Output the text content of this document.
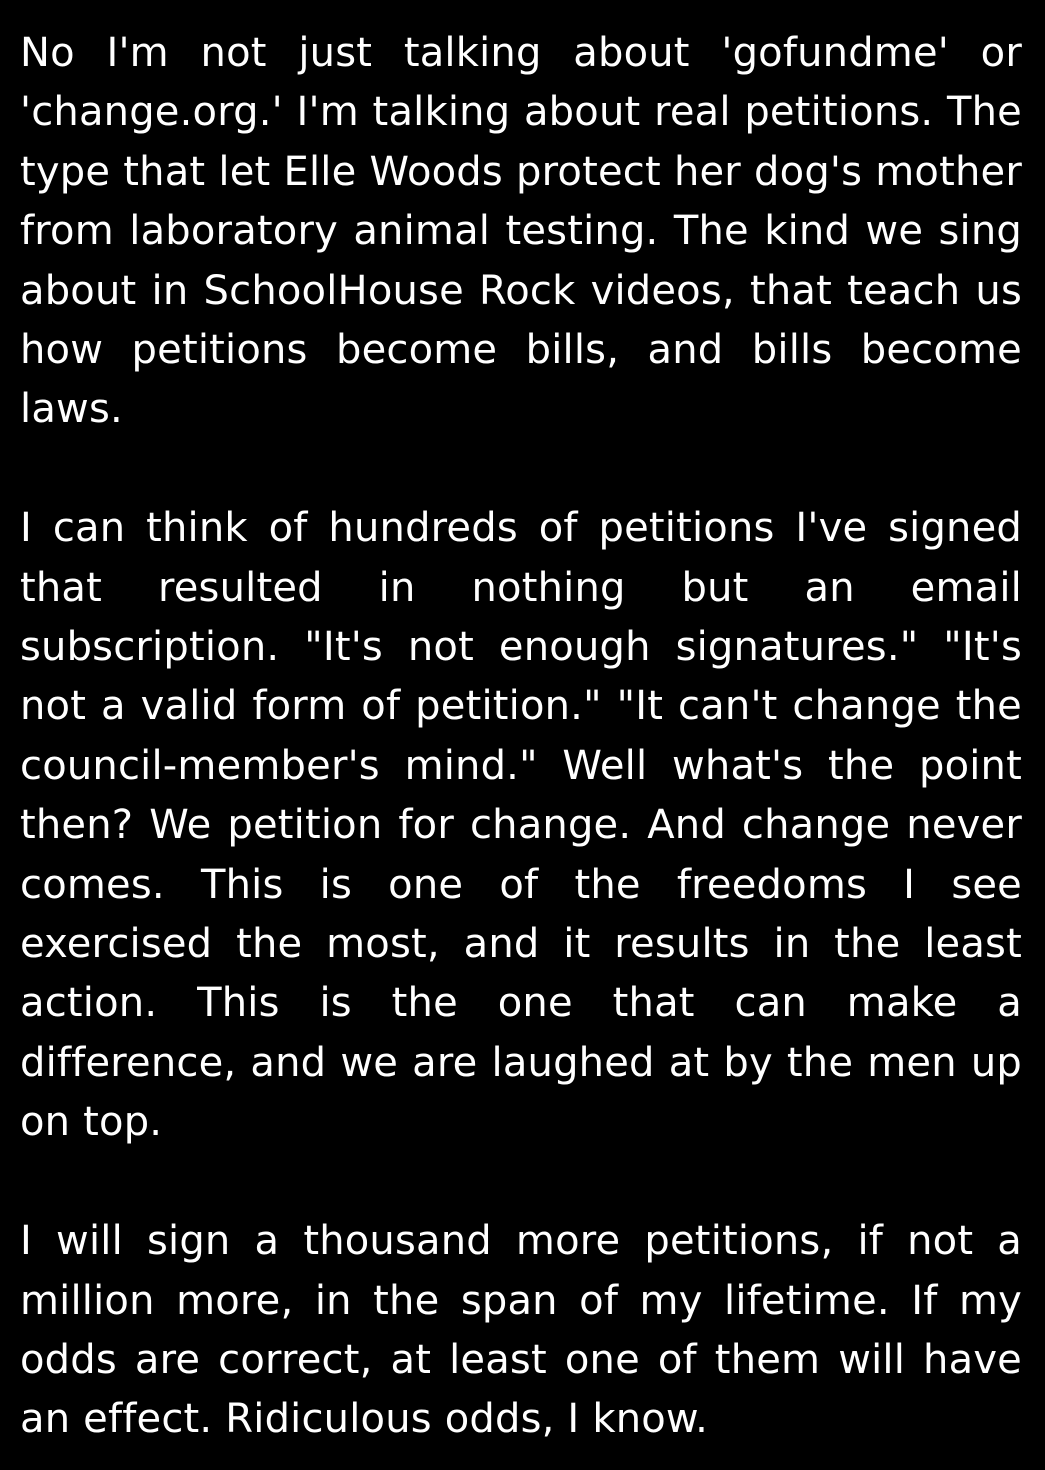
No I'm not just talking about 'gofundme' or 'change.org.' I'm talking about real petitions. The type that let Elle Woods protect her dog's mother from laboratory animal testing. The kind we sing about in SchoolHouse Rock videos, that teach us how petitions become bills, and bills become laws.

I can think of hundreds of petitions I've signed that resulted in nothing but an email subscription. "It's not enough signatures." "It's not a valid form of petition." "It can't change the council-member's mind." Well what's the point then? We petition for change. And change never comes. This is one of the freedoms I see exercised the most, and it results in the least action. This is the one that can make a difference, and we are laughed at by the men up on top.

I will sign a thousand more petitions, if not a million more, in the span of my lifetime. If my odds are correct, at least one of them will have an effect. Ridiculous odds, I know.
